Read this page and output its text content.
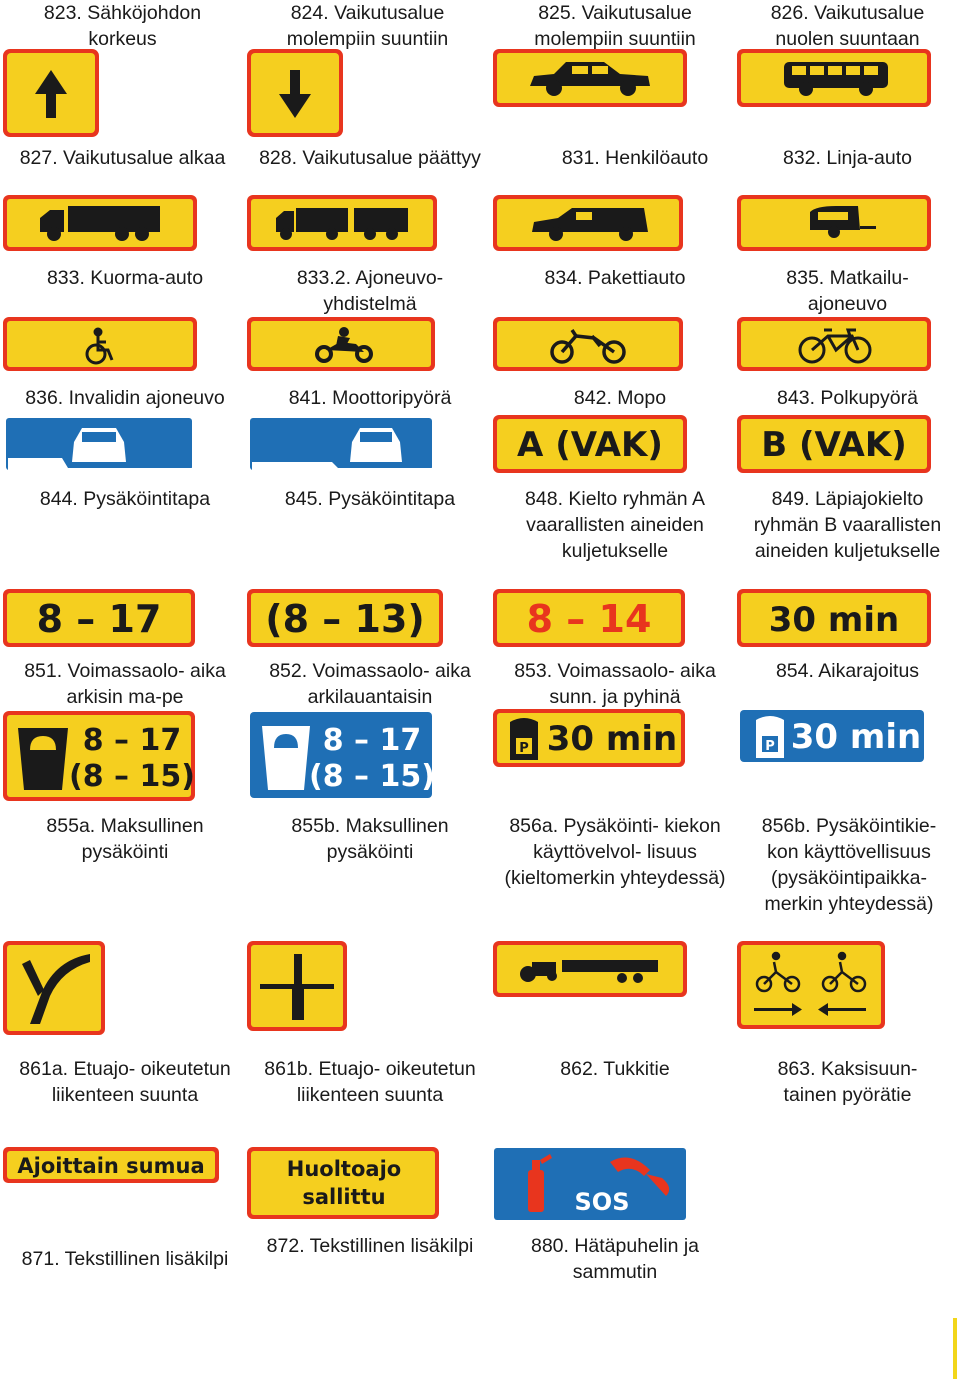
823. Sähköjohdon
korkeus
824. Vaikutusalue
molempiin suuntiin
825. Vaikutusalue
molempiin suuntiin
826. Vaikutusalue
nuolen suuntaan
827. Vaikutusalue alkaa	828. Vaikutusalue päättyy	831. Henkilöauto	832. Linja-auto
833. Kuorma-auto	833.2. Ajoneuvo-
yhdistelmä
834. Pakettiauto	835. Matkailu-
ajoneuvo
836. Invalidin ajoneuvo	841. Moottoripyörä	842. Mopo	843. Polkupyörä
A (VAK)	B (VAK)
844. Pysäköintitapa	845. Pysäköintitapa	848. Kielto ryhmän A
vaarallisten aineiden
kuljetukselle
849. Läpiajokielto
ryhmän B vaarallisten
aineiden kuljetukselle
8 – 17	(8 – 13)	8 – 14	30 min
851. Voimassaolo- aika
arkisin ma-pe
852. Voimassaolo- aika
arkilauantaisin
853. Voimassaolo- aika
sunn. ja pyhinä
854. Aikarajoitus
8 – 17
(8 – 15)
8 – 17
(8 – 15)
P 30 min	P 30 min
855a. Maksullinen
pysäköinti
855b. Maksullinen
pysäköinti
856a. Pysäköinti- kiekon
käyttövelvol- lisuus
(kieltomerkin yhteydessä)
856b. Pysäköintikie-
kon käyttövellisuus
(pysäköintipaikka-
merkin yhteydessä)
861a. Etuajo- oikeutetun
liikenteen suunta
861b. Etuajo- oikeutetun
liikenteen suunta
862. Tukkitie	863. Kaksisuun-
tainen pyörätie
Ajoittain sumua	Huoltoajo
sallittu	SOS
871. Tekstillinen lisäkilpi
872. Tekstillinen lisäkilpi	880. Hätäpuhelin ja
sammutin
